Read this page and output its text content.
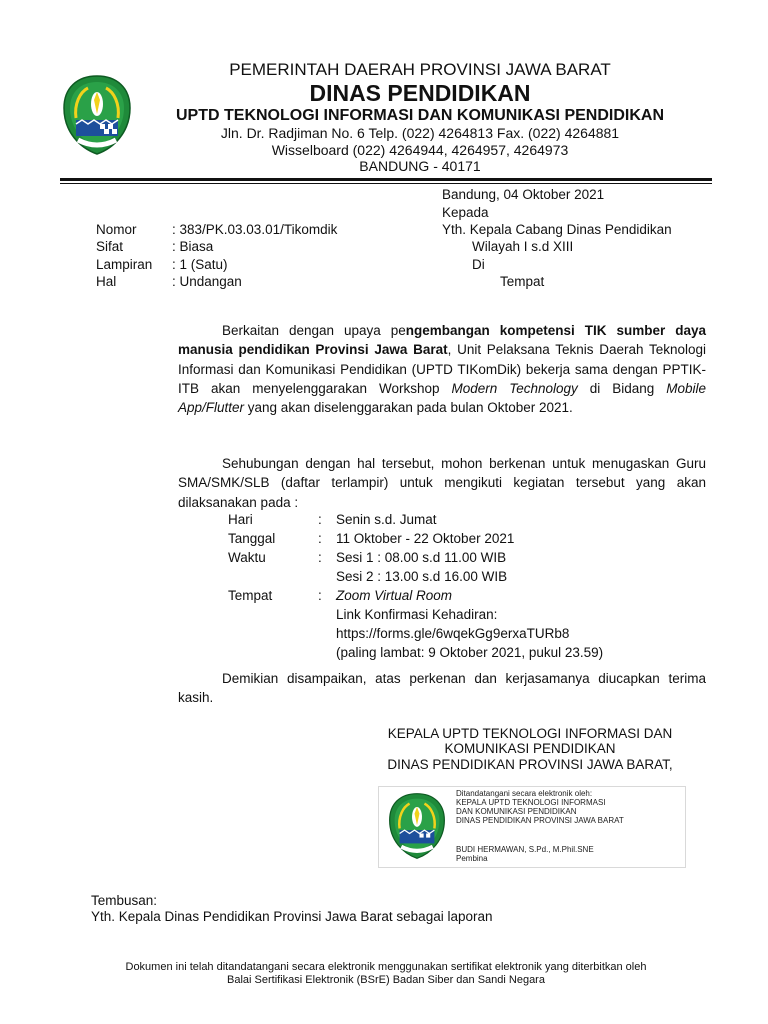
PEMERINTAH DAERAH PROVINSI JAWA BARAT
DINAS PENDIDIKAN
UPTD TEKNOLOGI INFORMASI DAN KOMUNIKASI PENDIDIKAN
Jln. Dr. Radjiman No. 6 Telp. (022) 4264813 Fax. (022) 4264881
Wisselboard (022) 4264944, 4264957, 4264973
BANDUNG - 40171
Bandung, 04 Oktober 2021
Kepada
Yth. Kepala Cabang Dinas Pendidikan
Wilayah I s.d XIII
Di
Tempat
Nomor	: 383/PK.03.03.01/Tikomdik
Sifat	: Biasa
Lampiran : 1 (Satu)
Hal	: Undangan

Berkaitan dengan upaya pengembangan kompetensi TIK sumber daya manusia pendidikan Provinsi Jawa Barat, Unit Pelaksana Teknis Daerah Teknologi Informasi dan Komunikasi Pendidikan (UPTD TIKomDik) bekerja sama dengan PPTIK-ITB akan menyelenggarakan Workshop Modern Technology di Bidang Mobile App/Flutter yang akan diselenggarakan pada bulan Oktober 2021.

Sehubungan dengan hal tersebut, mohon berkenan untuk menugaskan Guru SMA/SMK/SLB (daftar terlampir) untuk mengikuti kegiatan tersebut yang akan dilaksanakan pada :

Hari	: Senin s.d. Jumat
Tanggal	: 11 Oktober - 22 Oktober 2021
Waktu	: Sesi 1 : 08.00 s.d 11.00 WIB
Sesi 2 : 13.00 s.d 16.00 WIB
Tempat	: Zoom Virtual Room
Link Konfirmasi Kehadiran:
https://forms.gle/6wqekGg9erxaTURb8
(paling lambat: 9 Oktober 2021, pukul 23.59)

Demikian disampaikan, atas perkenan dan kerjasamanya diucapkan terima kasih.

KEPALA UPTD TEKNOLOGI INFORMASI DAN
KOMUNIKASI PENDIDIKAN
DINAS PENDIDIKAN PROVINSI JAWA BARAT,
Ditandatangani secara elektronik oleh:
KEPALA UPTD TEKNOLOGI INFORMASI
DAN KOMUNIKASI PENDIDIKAN
DINAS PENDIDIKAN PROVINSI JAWA BARAT
BUDI HERMAWAN, S.Pd., M.Phil.SNE
Pembina
Tembusan:
Yth. Kepala Dinas Pendidikan Provinsi Jawa Barat sebagai laporan
Dokumen ini telah ditandatangani secara elektronik menggunakan sertifikat elektronik yang diterbitkan oleh
Balai Sertifikasi Elektronik (BSrE) Badan Siber dan Sandi Negara
